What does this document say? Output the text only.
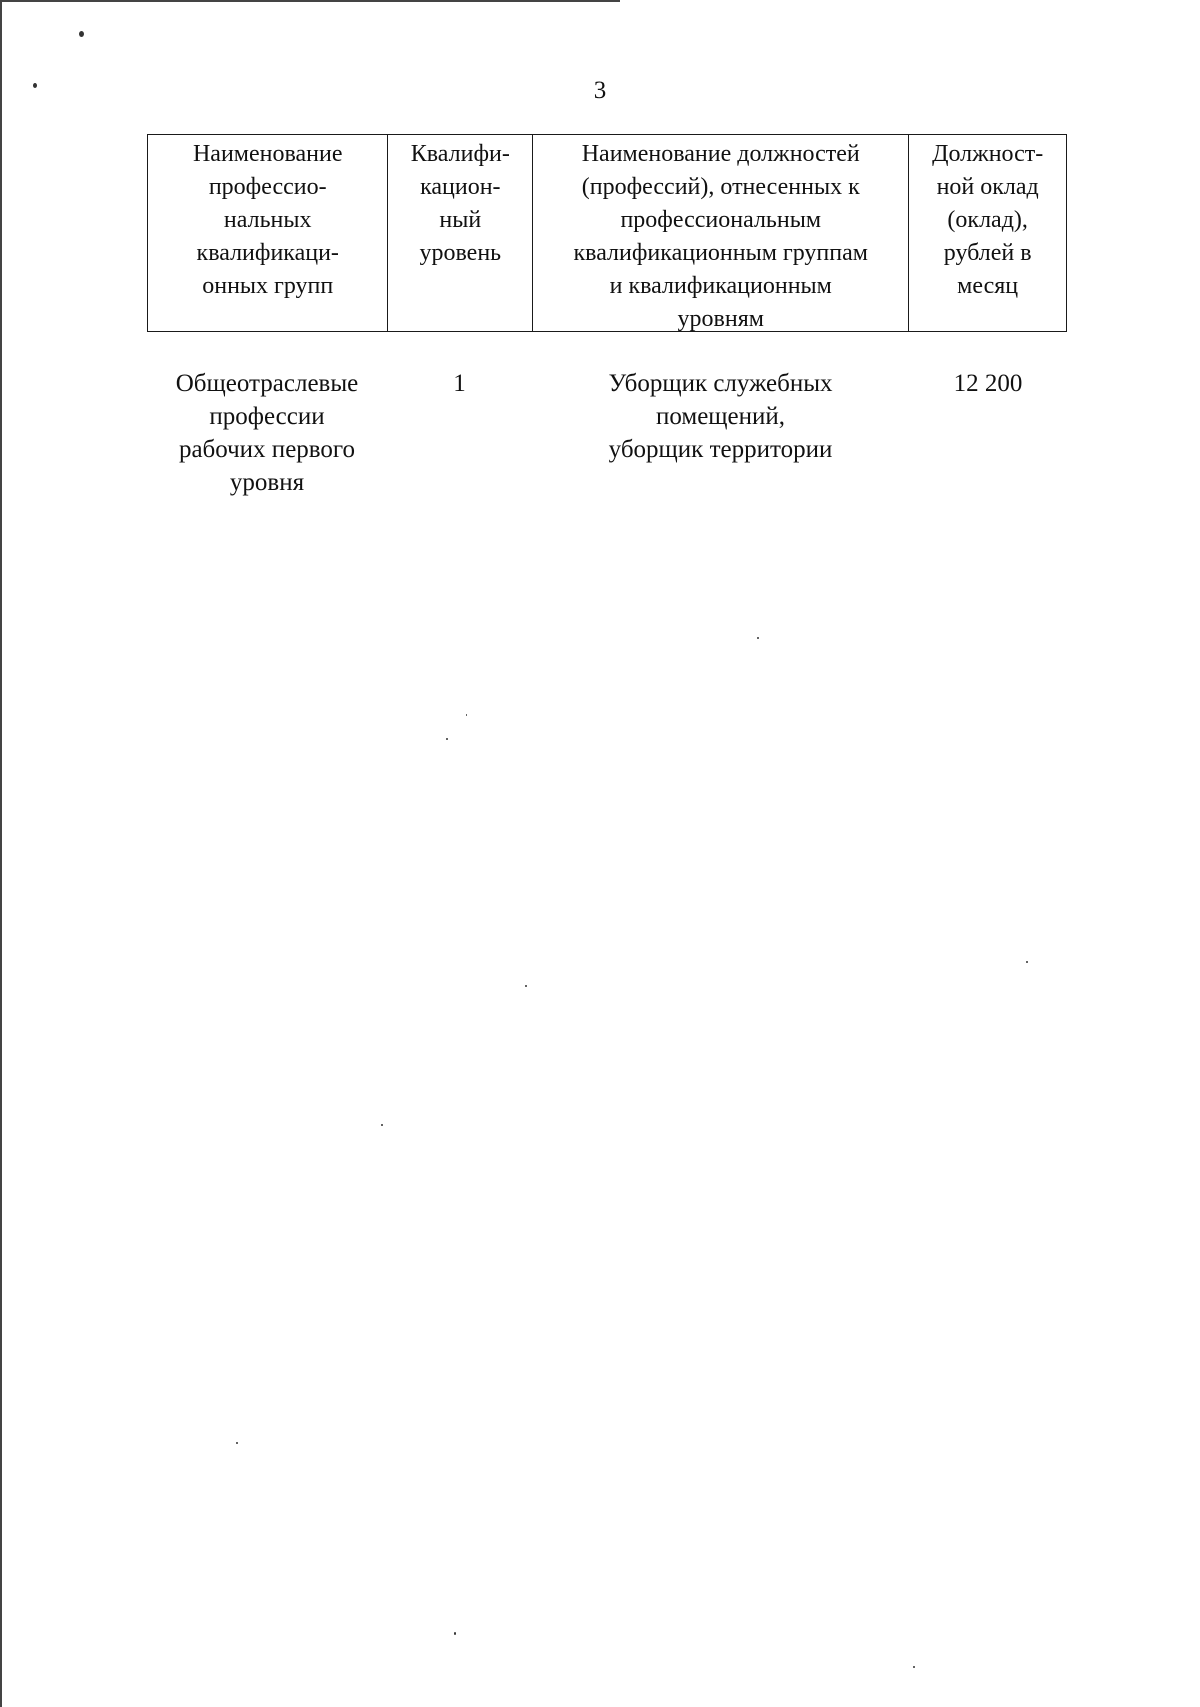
3
Наименование
профессио-
нальных
квалификаци-
онных групп
Квалифи-
кацион-
ный
уровень
Наименование должностей
(профессий), отнесенных к
профессиональным
квалификационным группам
и квалификационным
уровням
Должност-
ной оклад
(оклад),
рублей в
месяц
Общеотраслевые
профессии
рабочих первого
уровня
1	Уборщик служебных
помещений,
уборщик территории
12 200
